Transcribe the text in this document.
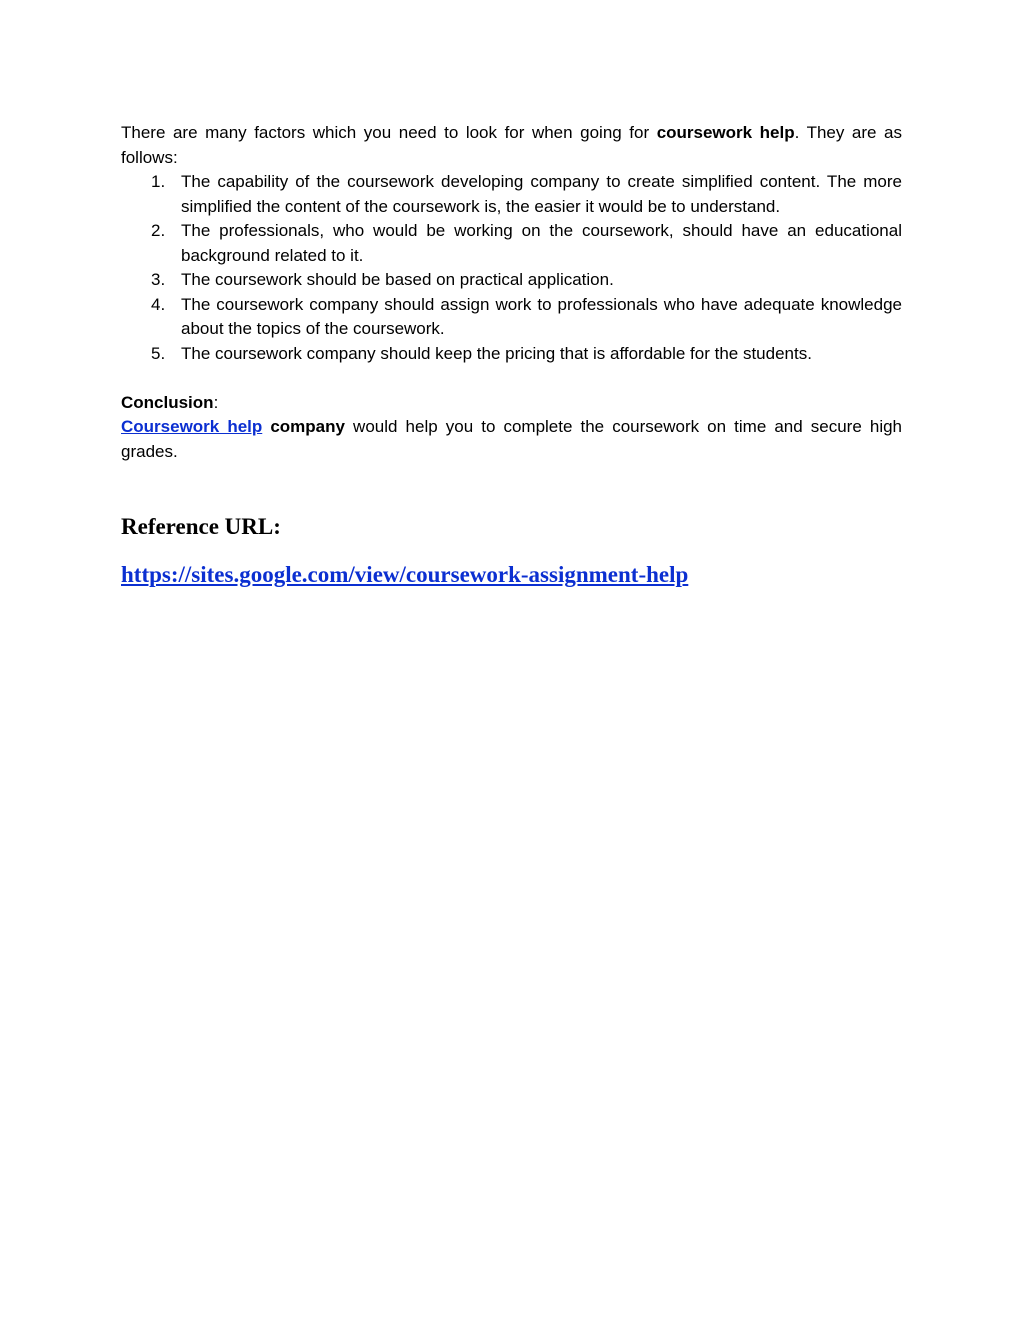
There are many factors which you need to look for when going for coursework help. They are as follows:

1. The capability of the coursework developing company to create simplified content. The more simplified the content of the coursework is, the easier it would be to understand.
2. The professionals, who would be working on the coursework, should have an educational background related to it.
3. The coursework should be based on practical application.
4. The coursework company should assign work to professionals who have adequate knowledge about the topics of the coursework.
5. The coursework company should keep the pricing that is affordable for the students.
Conclusion:

Coursework help company would help you to complete the coursework on time and secure high grades.

Reference URL:
https://sites.google.com/view/coursework-assignment-help
